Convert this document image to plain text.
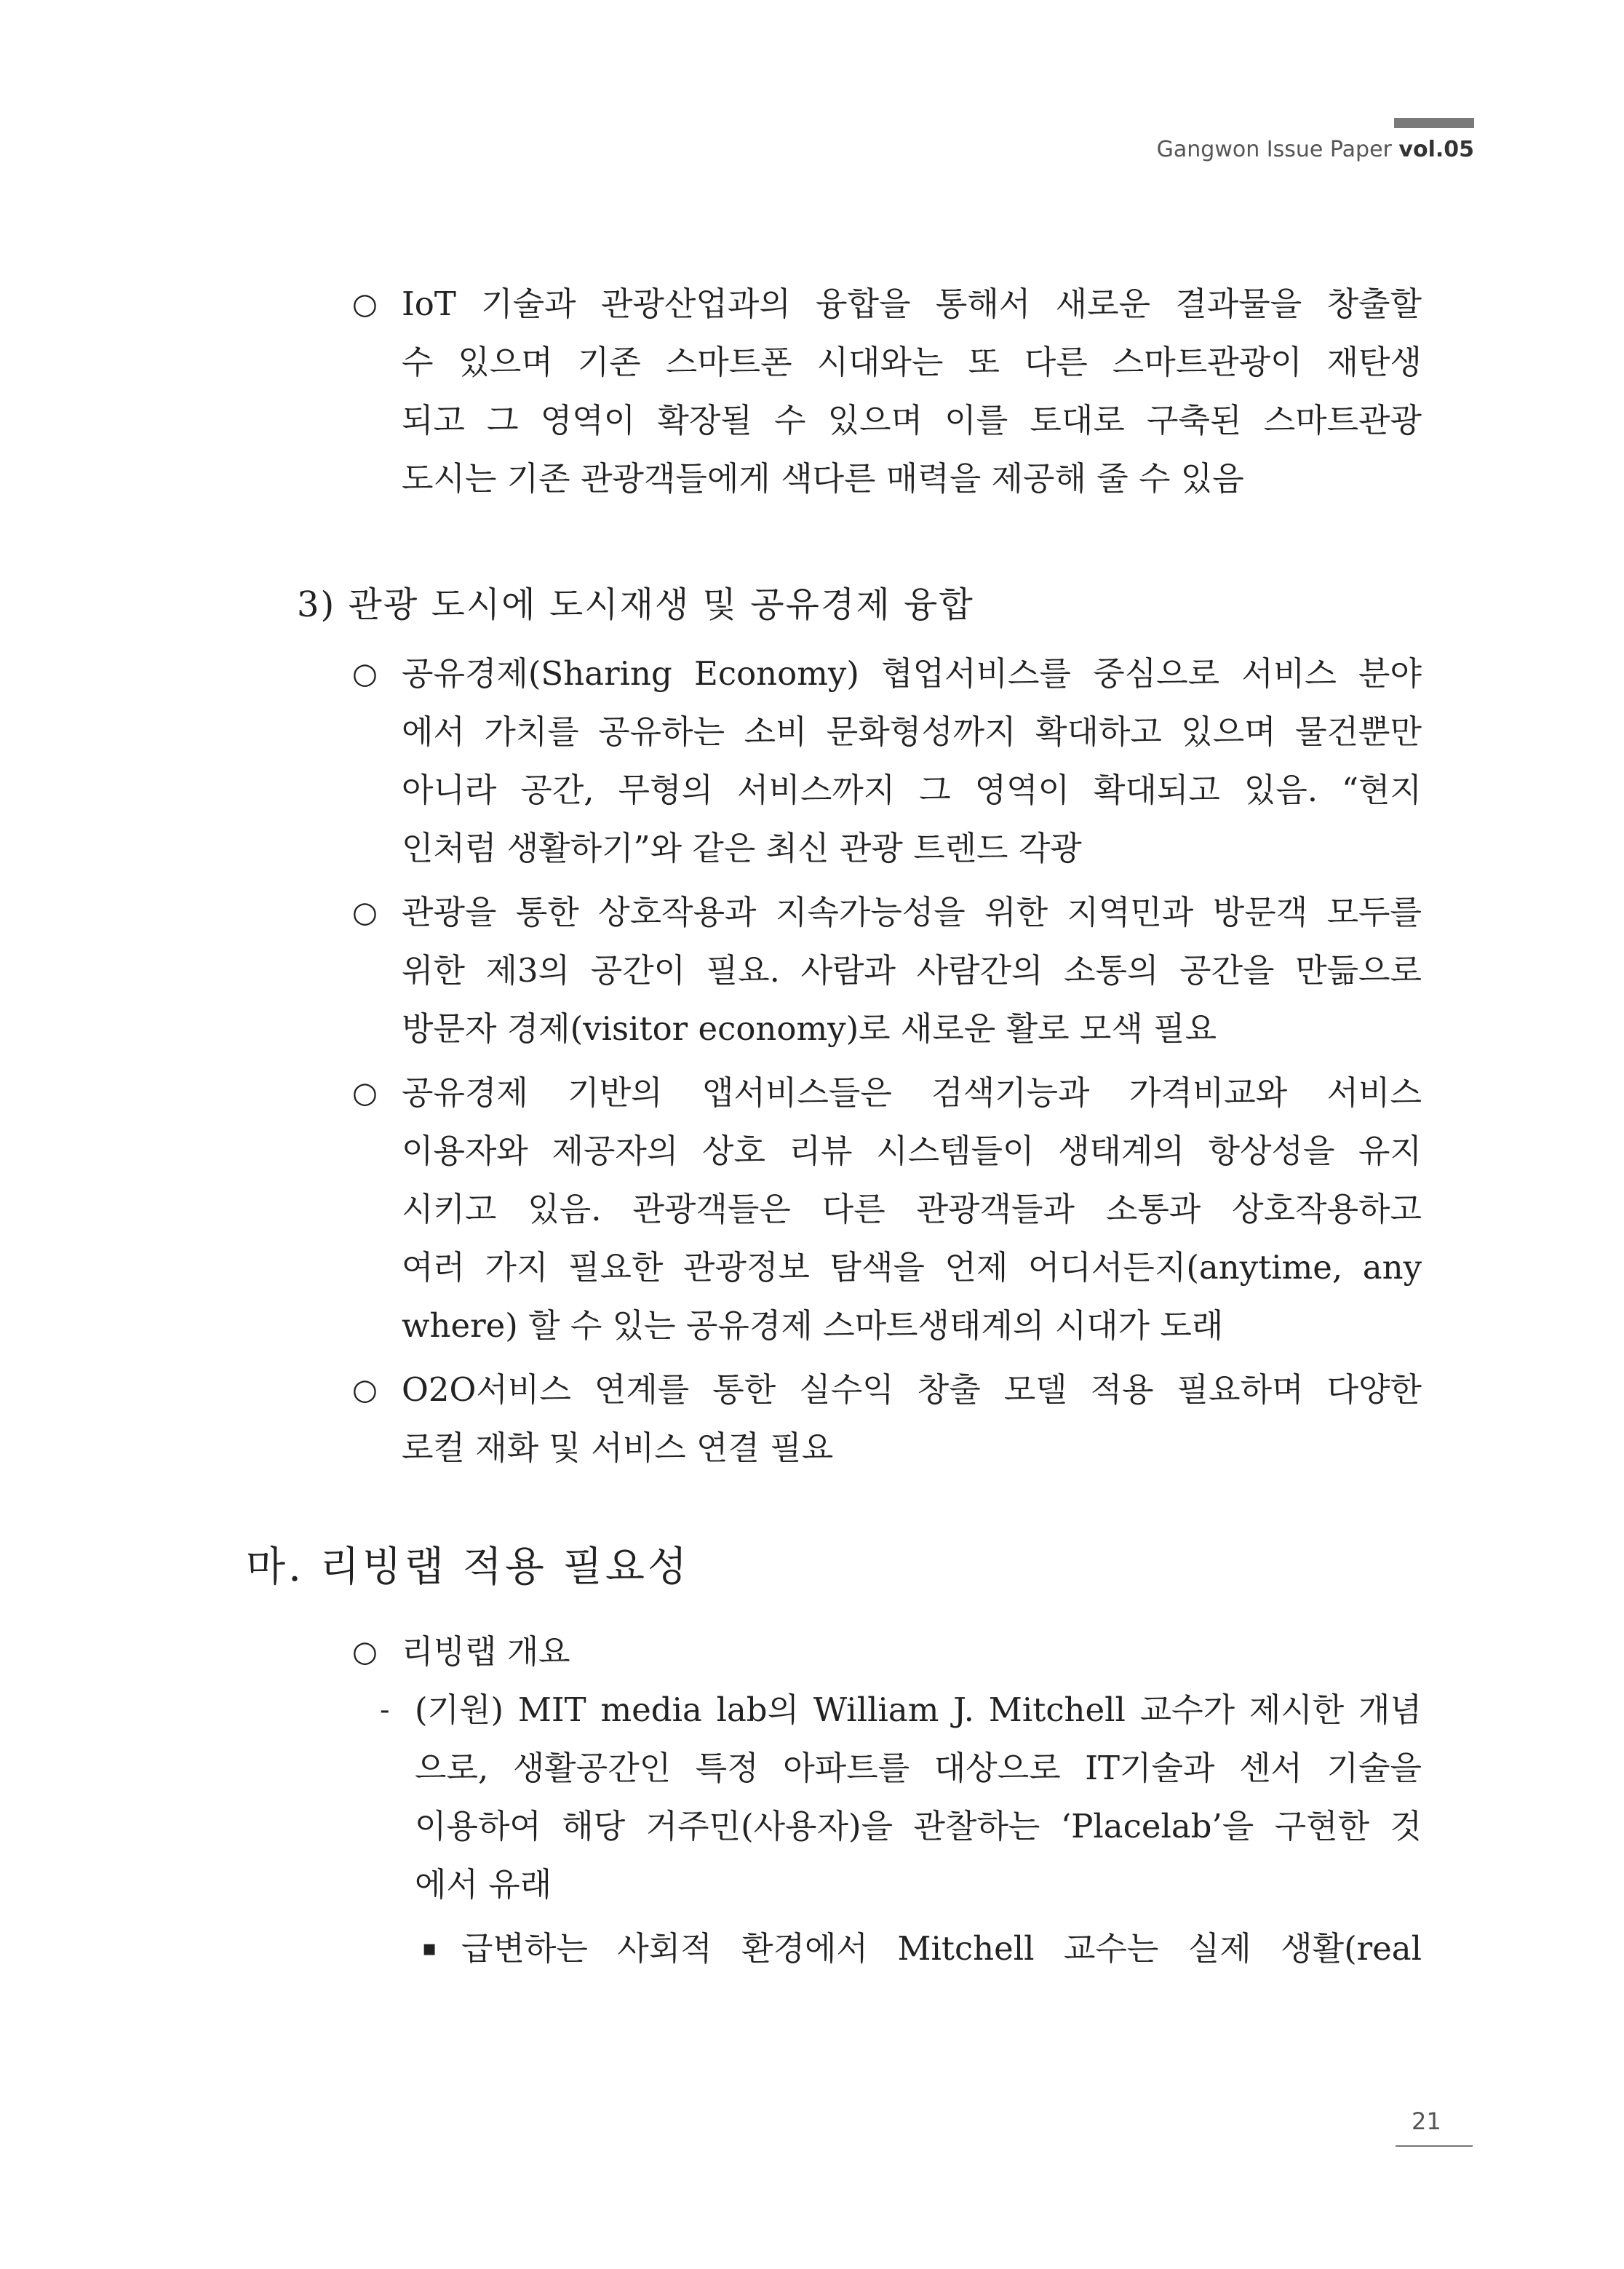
Gangwon Issue Paper vol.05
○ IoT 기술과 관광산업과의 융합을 통해서 새로운 결과물을 창출할
수 있으며 기존 스마트폰 시대와는 또 다른 스마트관광이 재탄생
되고 그 영역이 확장될 수 있으며 이를 토대로 구축된 스마트관광
도시는 기존 관광객들에게 색다른 매력을 제공해 줄 수 있음
3) 관광 도시에 도시재생 및 공유경제 융합
○ 공유경제(Sharing Economy) 협업서비스를 중심으로 서비스 분야
에서 가치를 공유하는 소비 문화형성까지 확대하고 있으며 물건뿐만
아니라 공간, 무형의 서비스까지 그 영역이 확대되고 있음. “현지
인처럼 생활하기”와 같은 최신 관광 트렌드 각광
○ 관광을 통한 상호작용과 지속가능성을 위한 지역민과 방문객 모두를
위한 제3의 공간이 필요. 사람과 사람간의 소통의 공간을 만듦으로
방문자 경제(visitor economy)로 새로운 활로 모색 필요
○ 공유경제 기반의 앱서비스들은 검색기능과 가격비교와 서비스
이용자와 제공자의 상호 리뷰 시스템들이 생태계의 항상성을 유지
시키고 있음. 관광객들은 다른 관광객들과 소통과 상호작용하고
여러 가지 필요한 관광정보 탐색을 언제 어디서든지(anytime, any
where) 할 수 있는 공유경제 스마트생태계의 시대가 도래
○ O2O서비스 연계를 통한 실수익 창출 모델 적용 필요하며 다양한
로컬 재화 및 서비스 연결 필요
마. 리빙랩 적용 필요성
○ 리빙랩 개요
- (기원) MIT media lab의 William J. Mitchell 교수가 제시한 개념
으로, 생활공간인 특정 아파트를 대상으로 IT기술과 센서 기술을
이용하여 해당 거주민(사용자)을 관찰하는 ‘Placelab’을 구현한 것
에서 유래
▪ 급변하는 사회적 환경에서 Mitchell 교수는 실제 생활(real
21
